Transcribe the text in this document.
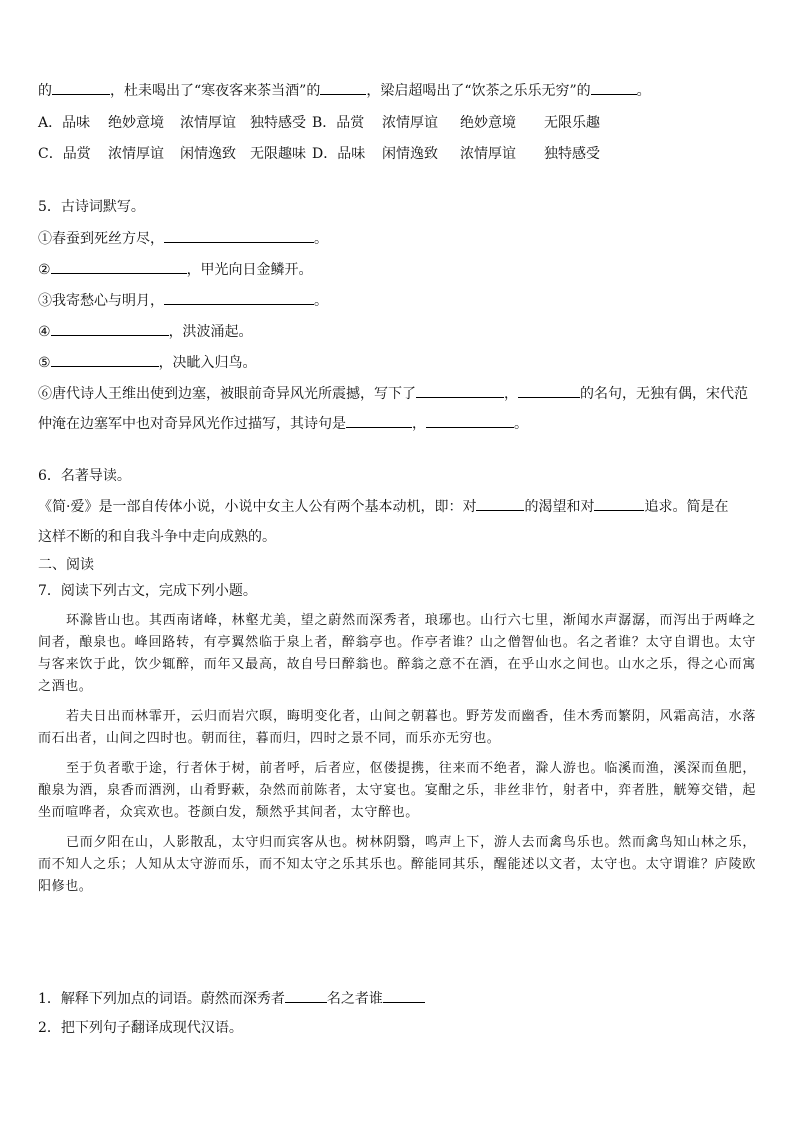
的	，杜耒喝出了“寒夜客来茶当酒”的	，梁启超喝出了“饮茶之乐乐无穷”的	。
A．品味 绝妙意境 浓情厚谊 独特感受 B．品赏 浓情厚谊 绝妙意境 无限乐趣
C．品赏 浓情厚谊 闲情逸致 无限趣味 D．品味 闲情逸致 浓情厚谊 独特感受
5．古诗词默写。
①春蚕到死丝方尽，	。
②	，甲光向日金鳞开。
③我寄愁心与明月，	。
④	，洪波涌起。
⑤	，决眦入归鸟。
⑥唐代诗人王维出使到边塞，被眼前奇异风光所震撼，写下了	，	的名句，无独有偶，宋代范
仲淹在边塞军中也对奇异风光作过描写，其诗句是	，	。
6．名著导读。
《简·爱》是一部自传体小说，小说中女主人公有两个基本动机，即：对	的渴望和对	追求。简是在
这样不断的和自我斗争中走向成熟的。
二、阅读
7．阅读下列古文，完成下列小题。

环滁皆山也。其西南诸峰，林壑尤美，望之蔚然而深秀者，琅琊也。山行六七里，渐闻水声潺潺，而泻出于两峰之间者，酿泉也。峰回路转，有亭翼然临于泉上者，醉翁亭也。作亭者谁？山之僧智仙也。名之者谁？太守自谓也。太守与客来饮于此，饮少辄醉，而年又最高，故自号曰醉翁也。醉翁之意不在酒，在乎山水之间也。山水之乐，得之心而寓之酒也。

若夫日出而林霏开，云归而岩穴暝，晦明变化者，山间之朝暮也。野芳发而幽香，佳木秀而繁阴，风霜高洁，水落而石出者，山间之四时也。朝而往，暮而归，四时之景不同，而乐亦无穷也。

至于负者歌于途，行者休于树，前者呼，后者应，伛偻提携，往来而不绝者，滁人游也。临溪而渔，溪深而鱼肥，酿泉为酒，泉香而酒洌，山肴野蔌，杂然而前陈者，太守宴也。宴酣之乐，非丝非竹，射者中，弈者胜，觥筹交错，起坐而喧哗者，众宾欢也。苍颜白发，颓然乎其间者，太守醉也。

已而夕阳在山，人影散乱，太守归而宾客从也。树林阴翳，鸣声上下，游人去而禽鸟乐也。然而禽鸟知山林之乐，而不知人之乐；人知从太守游而乐，而不知太守之乐其乐也。醉能同其乐，醒能述以文者，太守也。太守谓谁？庐陵欧阳修也。

1．解释下列加点的词语。蔚然而深秀者	名之者谁
2．把下列句子翻译成现代汉语。
